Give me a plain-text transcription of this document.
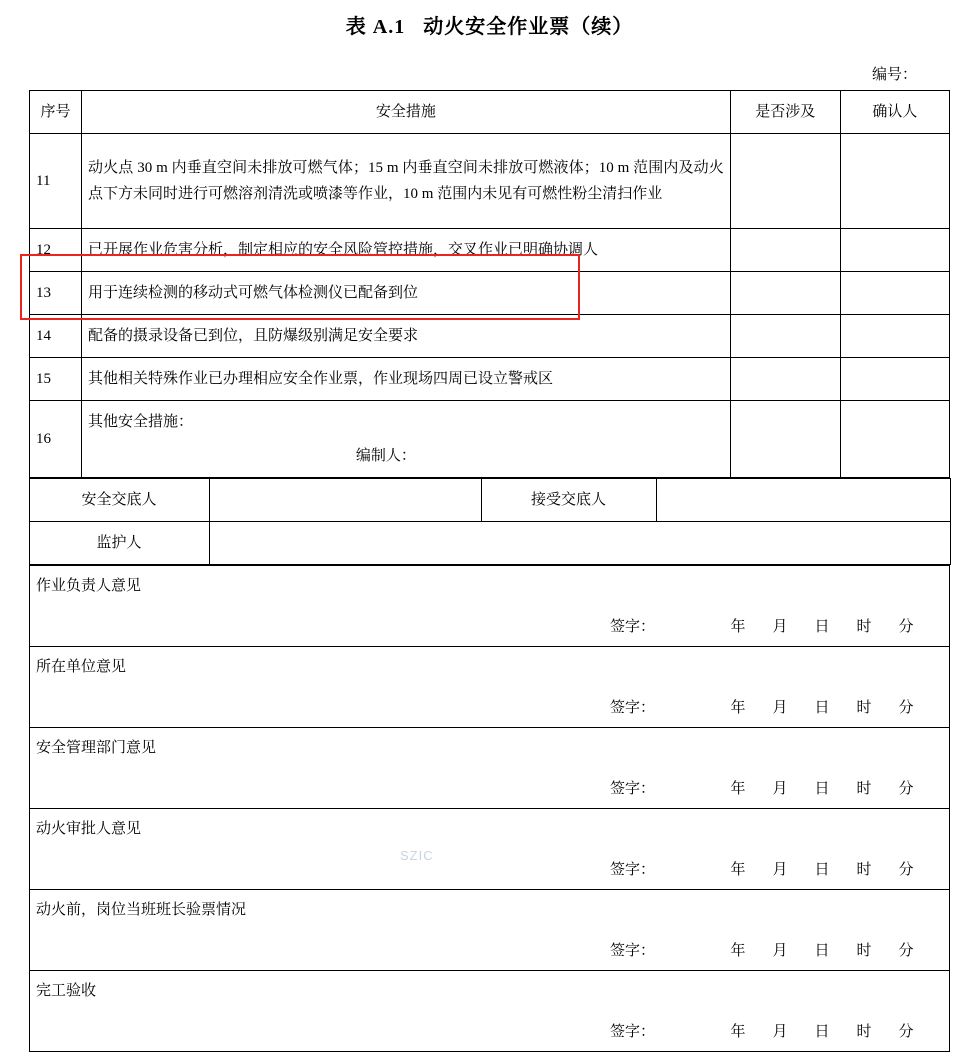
表 A.1 动火安全作业票（续）
编号：
序号	安全措施	是否涉及	确认人
11	动火点 30 m 内垂直空间未排放可燃气体；15 m 内垂直空间未排放可燃液体；10 m 范围内及动火点下方未同时进行可燃溶剂清洗或喷漆等作业，10 m 范围内未见有可燃性粉尘清扫作业		
12	已开展作业危害分析，制定相应的安全风险管控措施，交叉作业已明确协调人		
13	用于连续检测的移动式可燃气体检测仪已配备到位		
14	配备的摄录设备已到位，且防爆级别满足安全要求		
15	其他相关特殊作业已办理相应安全作业票，作业现场四周已设立警戒区		
16	其他安全措施：
编制人：		

安全交底人		接受交底人	
监护人			
作业负责人意见

签字：	年	月	日	时	分

所在单位意见

签字：	年	月	日	时	分

安全管理部门意见

签字：	年	月	日	时	分

动火审批人意见

签字：	年	月	日	时	分

动火前，岗位当班班长验票情况

签字：	年	月	日	时	分

完工验收

签字：	年	月	日	时	分
SZIC
